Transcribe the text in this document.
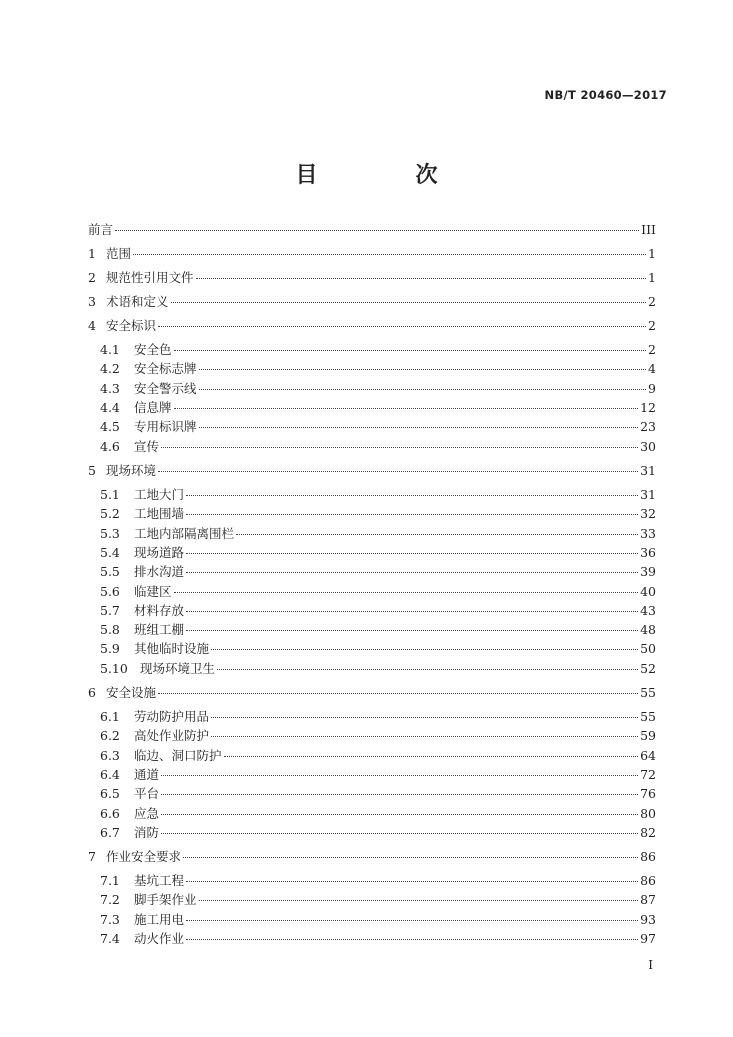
NB/T 20460—2017
目　次
前言	III
1 范围	1
2 规范性引用文件	1
3 术语和定义	2
4 安全标识	2
4.1	安全色	2
4.2	安全标志牌	4
4.3	安全警示线	9
4.4	信息牌	12
4.5	专用标识牌	23
4.6	宣传	30
5 现场环境	31
5.1	工地大门	31
5.2	工地围墙	32
5.3	工地内部隔离围栏	33
5.4	现场道路	36
5.5	排水沟道	39
5.6	临建区	40
5.7	材料存放	43
5.8	班组工棚	48
5.9	其他临时设施	50
5.10 现场环境卫生	52
6 安全设施	55
6.1	劳动防护用品	55
6.2	高处作业防护	59
6.3	临边、洞口防护	64
6.4	通道	72
6.5	平台	76
6.6	应急	80
6.7	消防	82
7 作业安全要求	86
7.1	基坑工程	86
7.2	脚手架作业	87
7.3	施工用电	93
7.4	动火作业	97
I
